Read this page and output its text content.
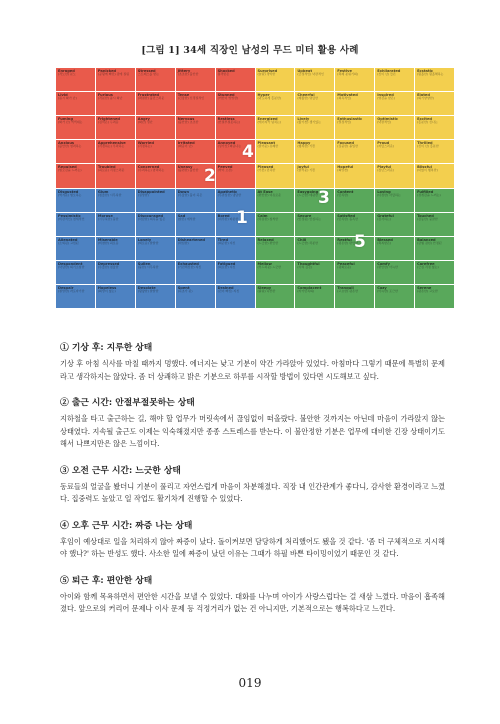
[그림 1] 34세 직장인 남성의 무드 미터 활용 사례
Enraged
(격노한) 분노
Panicked
(공황에 빠진) 겁에 질린
Stressed
스트레스를 받는
Jittery
(초조한) 불안한
Shocked
충격받은
Surprised
(놀란) 경악한
Upbeat
(긍정적인) 낙관적인
Festive
(축제 분위기의)
Exhilarated
(신이 난) 들뜬
Ecstatic
(황홀한) 황홀해하는
Livid
(몹시 화가 난)
Furious
(격분한) 몹시 화난
Frustrated
(좌절한) 불만스러운
Tense
(긴장한) 신경질적인
Stunned
(어안이 벙벙한)
Hyper
(과도하게 흥분한)
Cheerful
(쾌활한) 명랑한
Motivated
(의욕적인)
Inspired
(영감을 받은)
Elated
(의기양양한)
Fuming
(화가 난) 씩씩대는
Frightened
(겁먹은) 두려운
Angry
(화난) 성난
Nervous
(불안한) 초조한
Restless
(안절부절못하는)
Energized
(에너지가 넘치는)
Lively
(활기찬) 생기있는
Enthusiastic
(열정적인)
Optimistic
(낙관적인)
Excited
(흥분한) 신나는
Anxious
(불안한) 염려하는
Apprehensive
(걱정하는) 우려하는
Worried
(걱정하는)
Irritated
(짜증이 난)
Annoyed
(성가신) 짜증나는
Pleasant
(즐거운) 유쾌한
Happy
(행복한) 기쁜
Focused
(집중한) 몰입한
Proud
(자랑스러운)
Thrilled
(신이 난) 흥분한
Repulsed
(혐오감을 느끼는)
Troubled
(괴로운) 걱정스러운
Concerned
(우려하는) 염려하는
Uneasy
(불편한) 불안한
Peeved
(약이 오른)
Pleased
(기쁜) 만족한
Joyful
(즐거운) 기쁜
Hopeful
(희망찬)
Playful
(장난스러운)
Blissful
(더없이 행복한)
Disgusted
(역겨운) 혐오하는
Glum
(침울한) 시무룩한
Disappointed
(실망한)
Down
(우울한) 풀이 죽은
Apathetic
(무관심한) 냉담한
At Ease
(편안한) 여유로운
Easygoing
(느긋한) 태평한
Content
(만족한)
Loving
(다정한) 사랑하는
Fulfilled
(성취감을 느끼는)
Pessimistic
(비관적인) 염세적인
Morose
(시무룩한) 뚱한
Discouraged
(낙담한) 의욕을 잃은
Sad
(슬픈) 애석한
Bored
(지루한) 따분한
Calm
(차분한) 침착한
Secure
(안정된) 안심하는
Satisfied
(만족한) 흡족한
Grateful
(감사하는)
Touched
(감동한) 뭉클한
Alienated
(소외된) 고립된
Miserable
(비참한) 괴로운
Lonely
(외로운) 쓸쓸한
Disheartened
(낙심한)
Tired
(피곤한) 지친
Relaxed
(느긋한) 편안한
Chill
(느긋한) 차분한
Restful
(평온한) 편안한
Blessed
(축복받은)
Balanced
(균형 잡힌) 안정된
Despondent
(낙담한) 의기소침한
Depressed
(우울한) 침울한
Sullen
(뚱한) 시무룩한
Exhausted
(기진맥진한) 지친
Fatigued
(피로한) 지친
Mellow
(부드러운) 느긋한
Thoughtful
(사려 깊은)
Peaceful
(평화로운)
Comfy
(편안한) 아늑한
Carefree
(근심 걱정 없는)
Despair
(절망한) 자포자기한
Hopeless
(희망이 없는)
Desolate
(황량한) 쓸쓸한
Spent
(녹초가 된)
Drained
(진이 빠진) 지친
Sleepy
(졸린) 나른한
Complacent
(자기만족의)
Tranquil
(고요한) 평온한
Cozy
(아늑한) 포근한
Serene
(평온한) 고요한
4
2
3
1
5
① 기상 후: 지루한 상태

기상 후 아침 식사를 마칠 때까지 멍했다. 에너지는 낮고 기분이 약간 가라앉아 있었다. 아침마다 그렇기 때문에 특별히 문제라고 생각하지는 않았다. 좀 더 상쾌하고 밝은 기분으로 하루를 시작할 방법이 있다면 시도해보고 싶다.

② 출근 시간: 안절부절못하는 상태

지하철을 타고 출근하는 길, 해야 할 업무가 머릿속에서 끊임없이 떠올랐다. 불안한 것까지는 아닌데 마음이 가라앉지 않는 상태였다. 지속될 출근도 이제는 익숙해졌지만 종종 스트레스를 받는다. 이 불안정한 기분은 업무에 대비한 긴장 상태이기도 해서 나쁘지만은 않은 느낌이다.

③ 오전 근무 시간: 느긋한 상태

동료들의 얼굴을 봤더니 기분이 풀리고 자연스럽게 마음이 차분해졌다. 직장 내 인간관계가 좋다니, 감사한 환경이라고 느꼈다. 집중력도 높았고 일 작업도 활기차게 진행할 수 있었다.

④ 오후 근무 시간: 짜증 나는 상태

후임이 예상대로 일을 처리하지 않아 짜증이 났다. 돌이켜보면 담당하게 처리했어도 됐을 것 같다. '좀 더 구체적으로 지시해야 했나?' 하는 반성도 했다. 사소한 일에 짜증이 났던 이유는 그때가 하필 바쁜 타이밍이었기 때문인 것 같다.

⑤ 퇴근 후: 편안한 상태

아이와 함께 목욕하면서 편안한 시간을 보낼 수 있었다. 대화를 나누며 아이가 사랑스럽다는 걸 새삼 느꼈다. 마음이 흡족해졌다. 앞으로의 커리어 문제나 이사 문제 등 걱정거리가 없는 건 아니지만, 기본적으로는 행복하다고 느낀다.

019
